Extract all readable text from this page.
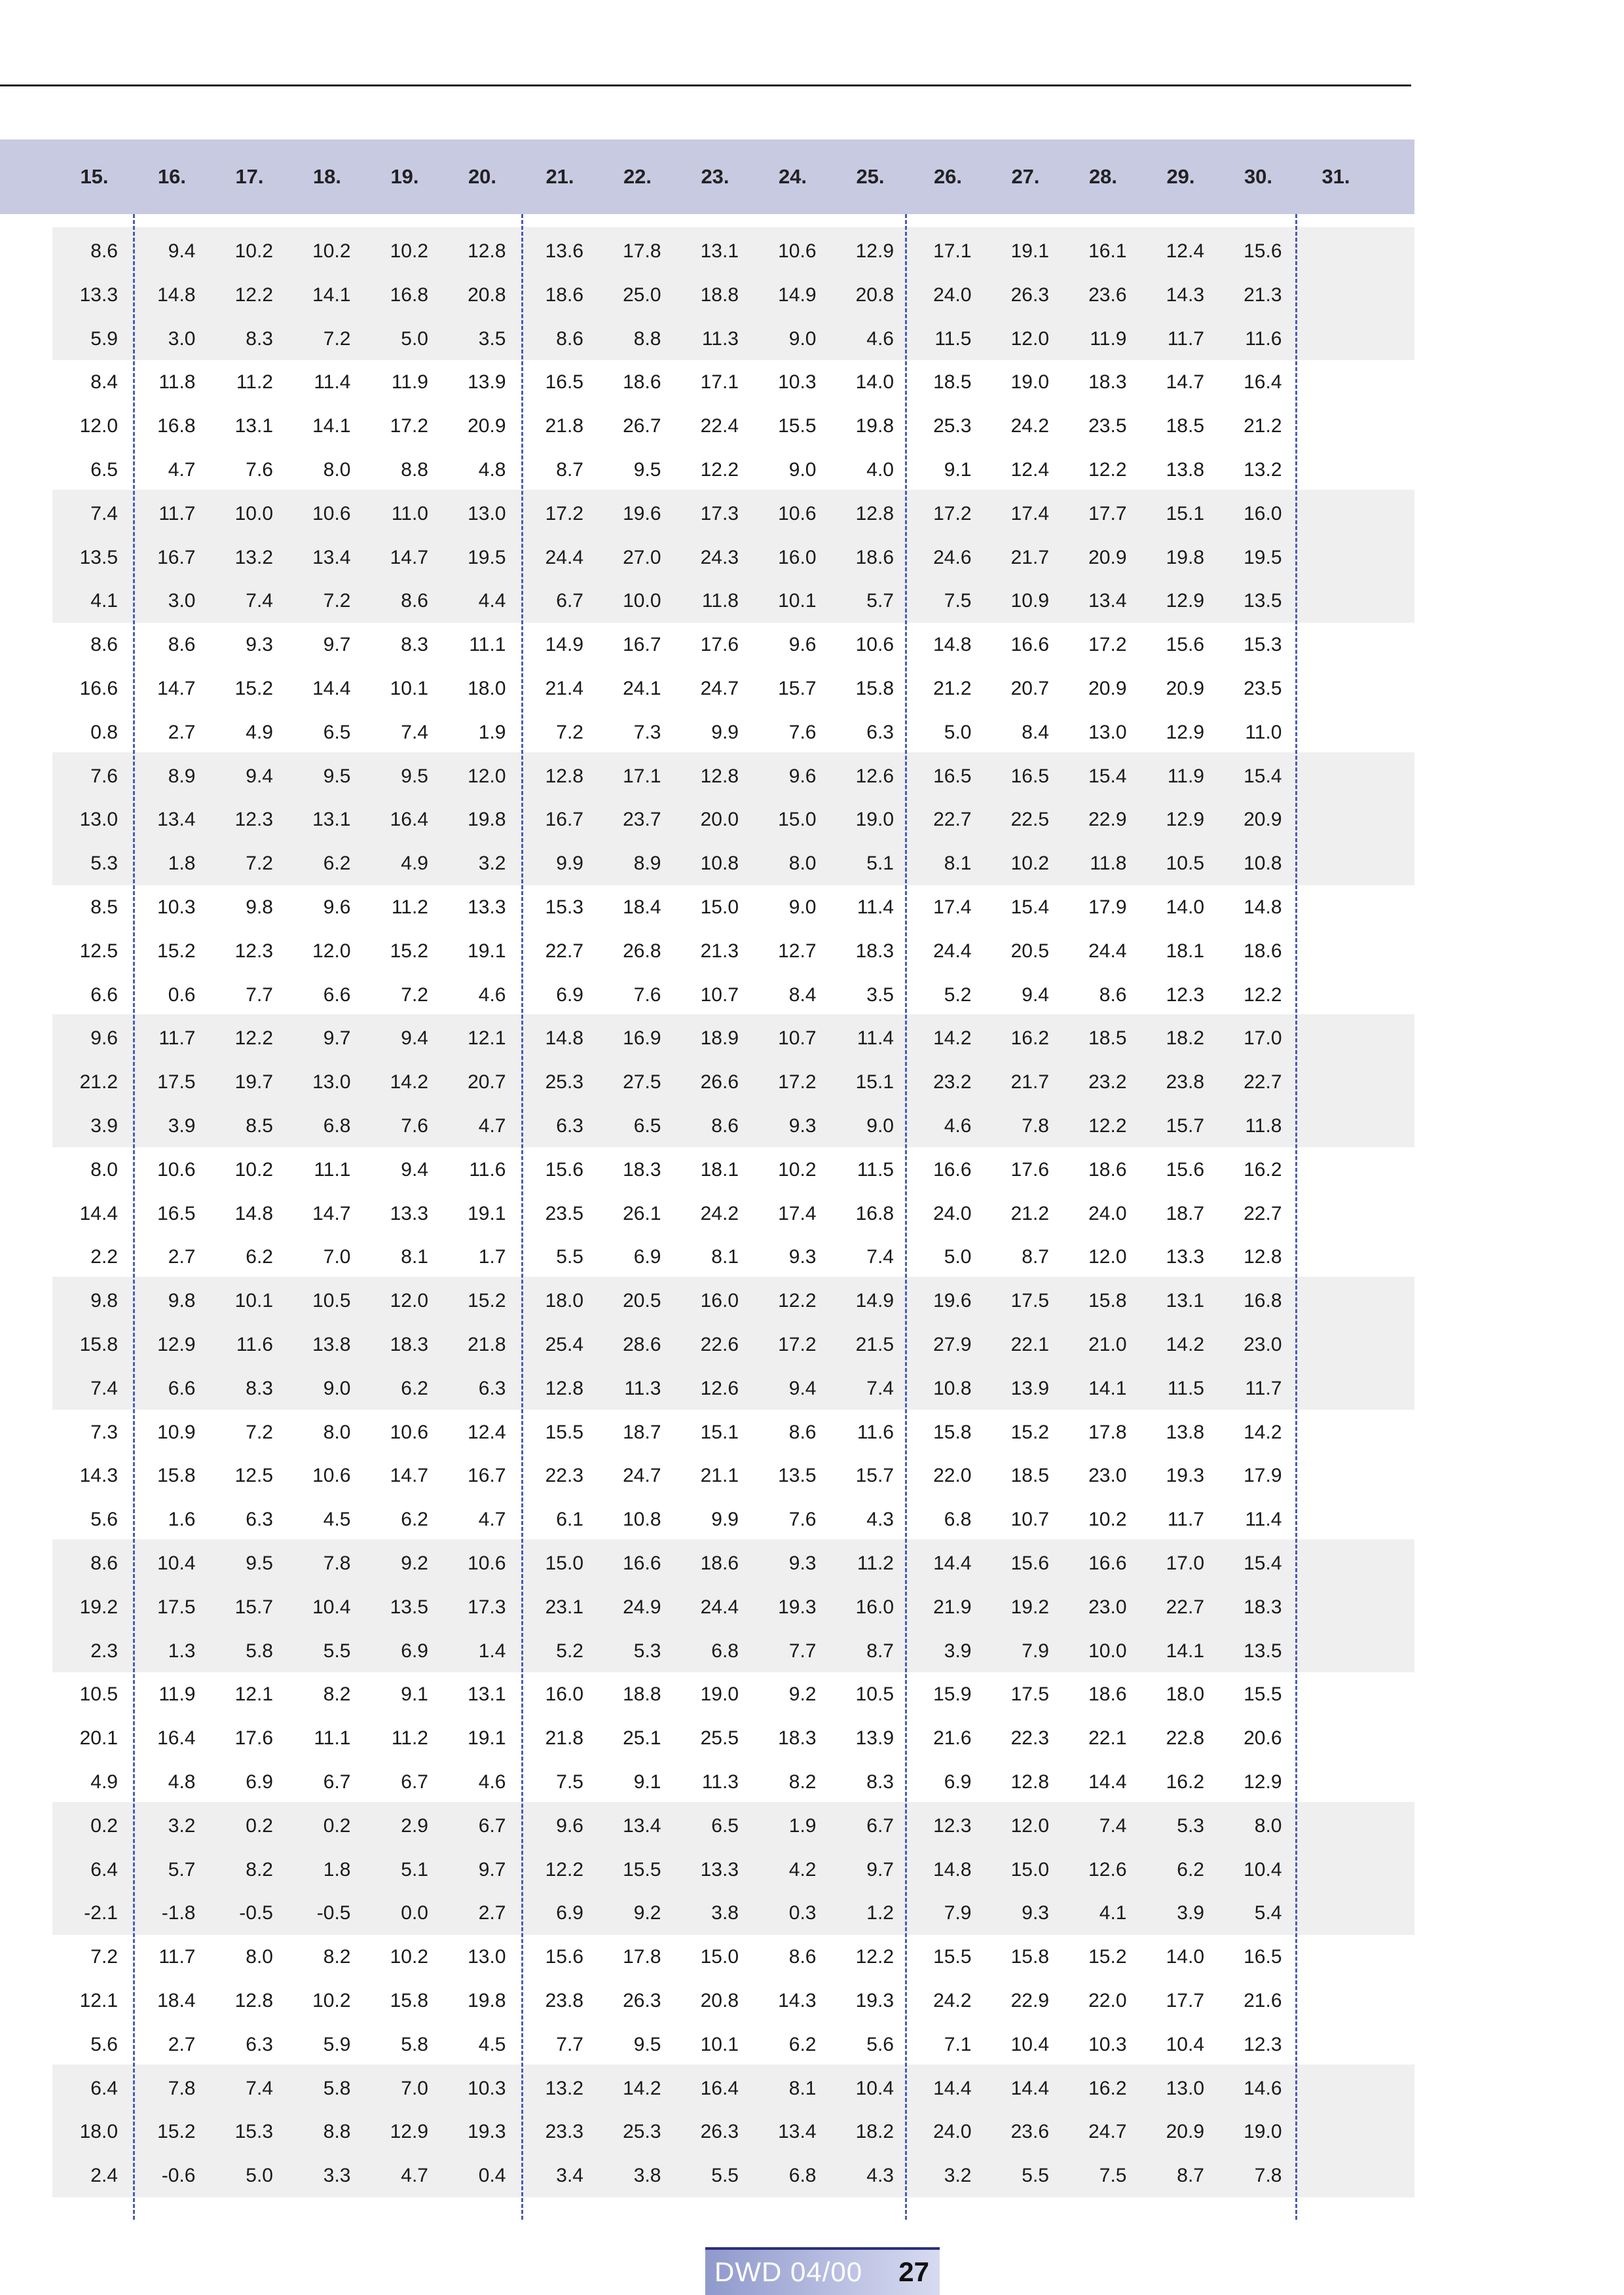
15.	16.	17.	18.	19.	20.	21.	22.	23.	24.	25.	26.	27.	28.	29.	30.	31.
8.6	9.4	10.2	10.2	10.2	12.8	13.6	17.8	13.1	10.6	12.9	17.1	19.1	16.1	12.4	15.6
13.3	14.8	12.2	14.1	16.8	20.8	18.6	25.0	18.8	14.9	20.8	24.0	26.3	23.6	14.3	21.3
5.9	3.0	8.3	7.2	5.0	3.5	8.6	8.8	11.3	9.0	4.6	11.5	12.0	11.9	11.7	11.6
8.4	11.8	11.2	11.4	11.9	13.9	16.5	18.6	17.1	10.3	14.0	18.5	19.0	18.3	14.7	16.4
12.0	16.8	13.1	14.1	17.2	20.9	21.8	26.7	22.4	15.5	19.8	25.3	24.2	23.5	18.5	21.2
6.5	4.7	7.6	8.0	8.8	4.8	8.7	9.5	12.2	9.0	4.0	9.1	12.4	12.2	13.8	13.2
7.4	11.7	10.0	10.6	11.0	13.0	17.2	19.6	17.3	10.6	12.8	17.2	17.4	17.7	15.1	16.0
13.5	16.7	13.2	13.4	14.7	19.5	24.4	27.0	24.3	16.0	18.6	24.6	21.7	20.9	19.8	19.5
4.1	3.0	7.4	7.2	8.6	4.4	6.7	10.0	11.8	10.1	5.7	7.5	10.9	13.4	12.9	13.5
8.6	8.6	9.3	9.7	8.3	11.1	14.9	16.7	17.6	9.6	10.6	14.8	16.6	17.2	15.6	15.3
16.6	14.7	15.2	14.4	10.1	18.0	21.4	24.1	24.7	15.7	15.8	21.2	20.7	20.9	20.9	23.5
0.8	2.7	4.9	6.5	7.4	1.9	7.2	7.3	9.9	7.6	6.3	5.0	8.4	13.0	12.9	11.0
7.6	8.9	9.4	9.5	9.5	12.0	12.8	17.1	12.8	9.6	12.6	16.5	16.5	15.4	11.9	15.4
13.0	13.4	12.3	13.1	16.4	19.8	16.7	23.7	20.0	15.0	19.0	22.7	22.5	22.9	12.9	20.9
5.3	1.8	7.2	6.2	4.9	3.2	9.9	8.9	10.8	8.0	5.1	8.1	10.2	11.8	10.5	10.8
8.5	10.3	9.8	9.6	11.2	13.3	15.3	18.4	15.0	9.0	11.4	17.4	15.4	17.9	14.0	14.8
12.5	15.2	12.3	12.0	15.2	19.1	22.7	26.8	21.3	12.7	18.3	24.4	20.5	24.4	18.1	18.6
6.6	0.6	7.7	6.6	7.2	4.6	6.9	7.6	10.7	8.4	3.5	5.2	9.4	8.6	12.3	12.2
9.6	11.7	12.2	9.7	9.4	12.1	14.8	16.9	18.9	10.7	11.4	14.2	16.2	18.5	18.2	17.0
21.2	17.5	19.7	13.0	14.2	20.7	25.3	27.5	26.6	17.2	15.1	23.2	21.7	23.2	23.8	22.7
3.9	3.9	8.5	6.8	7.6	4.7	6.3	6.5	8.6	9.3	9.0	4.6	7.8	12.2	15.7	11.8
8.0	10.6	10.2	11.1	9.4	11.6	15.6	18.3	18.1	10.2	11.5	16.6	17.6	18.6	15.6	16.2
14.4	16.5	14.8	14.7	13.3	19.1	23.5	26.1	24.2	17.4	16.8	24.0	21.2	24.0	18.7	22.7
2.2	2.7	6.2	7.0	8.1	1.7	5.5	6.9	8.1	9.3	7.4	5.0	8.7	12.0	13.3	12.8
9.8	9.8	10.1	10.5	12.0	15.2	18.0	20.5	16.0	12.2	14.9	19.6	17.5	15.8	13.1	16.8
15.8	12.9	11.6	13.8	18.3	21.8	25.4	28.6	22.6	17.2	21.5	27.9	22.1	21.0	14.2	23.0
7.4	6.6	8.3	9.0	6.2	6.3	12.8	11.3	12.6	9.4	7.4	10.8	13.9	14.1	11.5	11.7
7.3	10.9	7.2	8.0	10.6	12.4	15.5	18.7	15.1	8.6	11.6	15.8	15.2	17.8	13.8	14.2
14.3	15.8	12.5	10.6	14.7	16.7	22.3	24.7	21.1	13.5	15.7	22.0	18.5	23.0	19.3	17.9
5.6	1.6	6.3	4.5	6.2	4.7	6.1	10.8	9.9	7.6	4.3	6.8	10.7	10.2	11.7	11.4
8.6	10.4	9.5	7.8	9.2	10.6	15.0	16.6	18.6	9.3	11.2	14.4	15.6	16.6	17.0	15.4
19.2	17.5	15.7	10.4	13.5	17.3	23.1	24.9	24.4	19.3	16.0	21.9	19.2	23.0	22.7	18.3
2.3	1.3	5.8	5.5	6.9	1.4	5.2	5.3	6.8	7.7	8.7	3.9	7.9	10.0	14.1	13.5
10.5	11.9	12.1	8.2	9.1	13.1	16.0	18.8	19.0	9.2	10.5	15.9	17.5	18.6	18.0	15.5
20.1	16.4	17.6	11.1	11.2	19.1	21.8	25.1	25.5	18.3	13.9	21.6	22.3	22.1	22.8	20.6
4.9	4.8	6.9	6.7	6.7	4.6	7.5	9.1	11.3	8.2	8.3	6.9	12.8	14.4	16.2	12.9
0.2	3.2	0.2	0.2	2.9	6.7	9.6	13.4	6.5	1.9	6.7	12.3	12.0	7.4	5.3	8.0
6.4	5.7	8.2	1.8	5.1	9.7	12.2	15.5	13.3	4.2	9.7	14.8	15.0	12.6	6.2	10.4
-2.1	-1.8	-0.5	-0.5	0.0	2.7	6.9	9.2	3.8	0.3	1.2	7.9	9.3	4.1	3.9	5.4
7.2	11.7	8.0	8.2	10.2	13.0	15.6	17.8	15.0	8.6	12.2	15.5	15.8	15.2	14.0	16.5
12.1	18.4	12.8	10.2	15.8	19.8	23.8	26.3	20.8	14.3	19.3	24.2	22.9	22.0	17.7	21.6
5.6	2.7	6.3	5.9	5.8	4.5	7.7	9.5	10.1	6.2	5.6	7.1	10.4	10.3	10.4	12.3
6.4	7.8	7.4	5.8	7.0	10.3	13.2	14.2	16.4	8.1	10.4	14.4	14.4	16.2	13.0	14.6
18.0	15.2	15.3	8.8	12.9	19.3	23.3	25.3	26.3	13.4	18.2	24.0	23.6	24.7	20.9	19.0
2.4	-0.6	5.0	3.3	4.7	0.4	3.4	3.8	5.5	6.8	4.3	3.2	5.5	7.5	8.7	7.8
DWD 04/00 27
